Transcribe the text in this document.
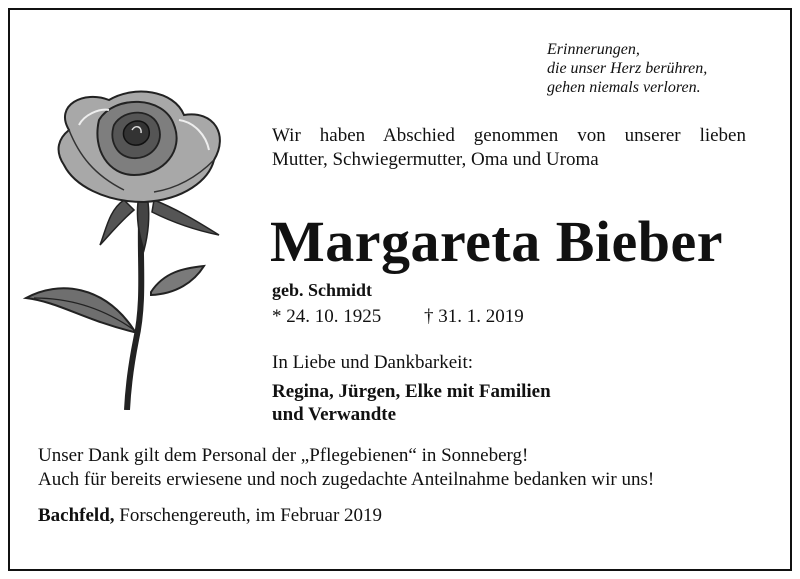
Erinnerungen,
die unser Herz berühren,
gehen niemals verloren.
Wir haben Abschied genommen von unserer lieben
Mutter, Schwiegermutter, Oma und Uroma
Margareta Bieber
geb. Schmidt
* 24. 10. 1925 † 31. 1. 2019
In Liebe und Dankbarkeit:
Regina, Jürgen, Elke mit Familien
und Verwandte
Unser Dank gilt dem Personal der „Pflegebienen“ in Sonneberg!
Auch für bereits erwiesene und noch zugedachte Anteilnahme bedanken wir uns!
Bachfeld, Forschengereuth, im Februar 2019
